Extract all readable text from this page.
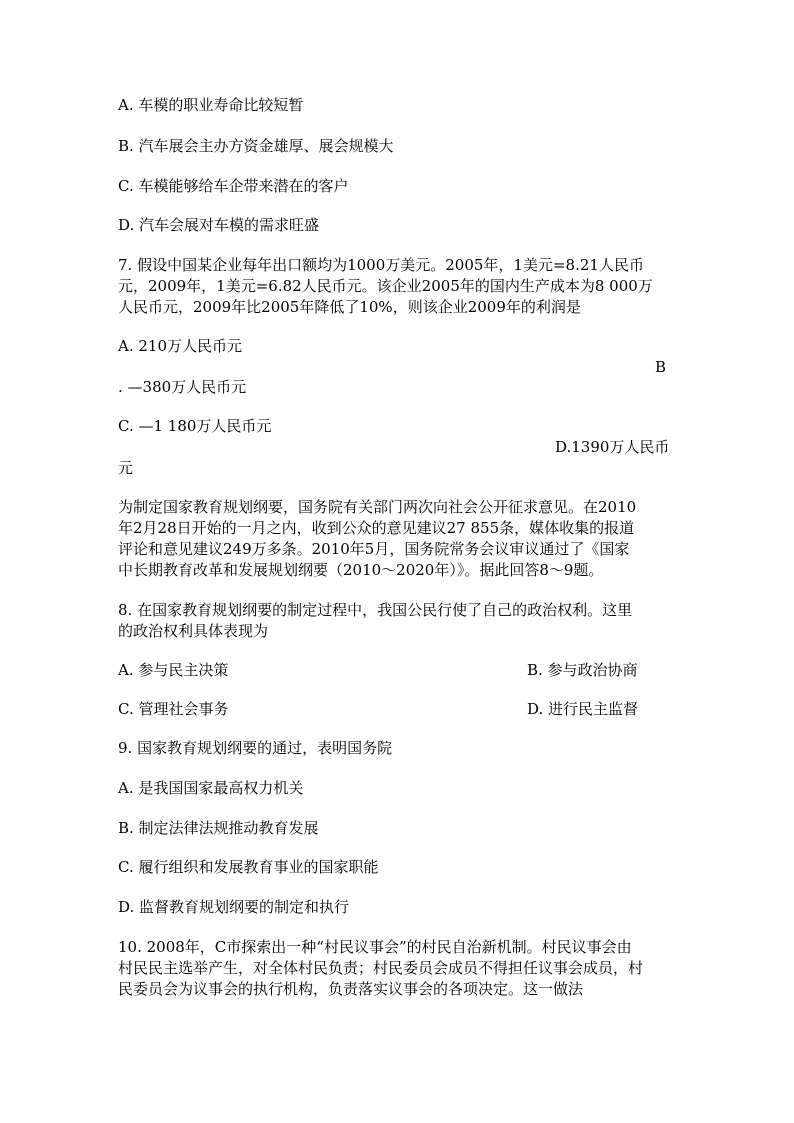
A. 车模的职业寿命比较短暂
B. 汽车展会主办方资金雄厚、展会规模大
C. 车模能够给车企带来潜在的客户
D. 汽车会展对车模的需求旺盛
7. 假设中国某企业每年出口额均为1000万美元。2005年，1美元=8.21人民币
元，2009年，1美元=6.82人民币元。该企业2005年的国内生产成本为8 000万
人民币元，2009年比2005年降低了10%，则该企业2009年的利润是
A. 210万人民币元
B
. —380万人民币元
C. —1 180万人民币元
D.1390万人民币
元
为制定国家教育规划纲要，国务院有关部门两次向社会公开征求意见。在2010
年2月28日开始的一月之内，收到公众的意见建议27 855条，媒体收集的报道
评论和意见建议249万多条。2010年5月，国务院常务会议审议通过了《国家
中长期教育改革和发展规划纲要（2010～2020年）》。据此回答8～9题。
8. 在国家教育规划纲要的制定过程中，我国公民行使了自己的政治权利。这里
的政治权利具体表现为
A. 参与民主决策	B. 参与政治协商
C. 管理社会事务	D. 进行民主监督
9. 国家教育规划纲要的通过，表明国务院
A. 是我国国家最高权力机关
B. 制定法律法规推动教育发展
C. 履行组织和发展教育事业的国家职能
D. 监督教育规划纲要的制定和执行
10. 2008年，C市探索出一种“村民议事会”的村民自治新机制。村民议事会由
村民民主选举产生，对全体村民负责；村民委员会成员不得担任议事会成员，村
民委员会为议事会的执行机构，负责落实议事会的各项决定。这一做法
